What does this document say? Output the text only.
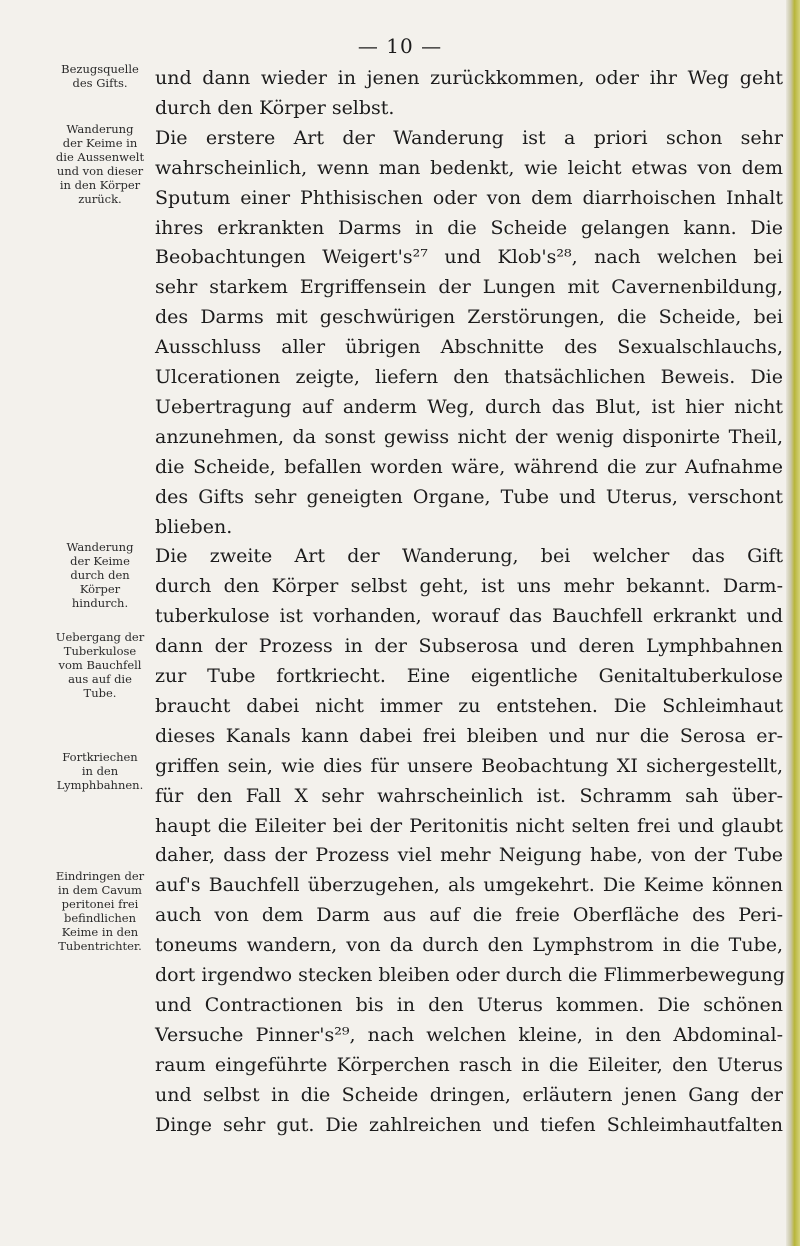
— 10 —
und dann wieder in jenen zurückkommen, oder ihr Weg geht
durch den Körper selbst.
Die erstere Art der Wanderung ist a priori schon sehr
wahrscheinlich, wenn man bedenkt, wie leicht etwas von dem
Sputum einer Phthisischen oder von dem diarrhoischen Inhalt
ihres erkrankten Darms in die Scheide gelangen kann. Die
Beobachtungen Weigert's²⁷ und Klob's²⁸, nach welchen bei
sehr starkem Ergriffensein der Lungen mit Cavernenbildung,
des Darms mit geschwürigen Zerstörungen, die Scheide, bei
Ausschluss aller übrigen Abschnitte des Sexualschlauchs,
Ulcerationen zeigte, liefern den thatsächlichen Beweis. Die
Uebertragung auf anderm Weg, durch das Blut, ist hier nicht
anzunehmen, da sonst gewiss nicht der wenig disponirte Theil,
die Scheide, befallen worden wäre, während die zur Aufnahme
des Gifts sehr geneigten Organe, Tube und Uterus, verschont
blieben.
Die zweite Art der Wanderung, bei welcher das Gift
durch den Körper selbst geht, ist uns mehr bekannt. Darm-
tuberkulose ist vorhanden, worauf das Bauchfell erkrankt und
dann der Prozess in der Subserosa und deren Lymphbahnen
zur Tube fortkriecht. Eine eigentliche Genitaltuberkulose
braucht dabei nicht immer zu entstehen. Die Schleimhaut
dieses Kanals kann dabei frei bleiben und nur die Serosa er-
griffen sein, wie dies für unsere Beobachtung XI sichergestellt,
für den Fall X sehr wahrscheinlich ist. Schramm sah über-
haupt die Eileiter bei der Peritonitis nicht selten frei und glaubt
daher, dass der Prozess viel mehr Neigung habe, von der Tube
auf's Bauchfell überzugehen, als umgekehrt. Die Keime können
auch von dem Darm aus auf die freie Oberfläche des Peri-
toneums wandern, von da durch den Lymphstrom in die Tube,
dort irgendwo stecken bleiben oder durch die Flimmerbewegung
und Contractionen bis in den Uterus kommen. Die schönen
Versuche Pinner's²⁹, nach welchen kleine, in den Abdominal-
raum eingeführte Körperchen rasch in die Eileiter, den Uterus
und selbst in die Scheide dringen, erläutern jenen Gang der
Dinge sehr gut. Die zahlreichen und tiefen Schleimhautfalten
Bezugsquelle
des Gifts.
Wanderung
der Keime in
die Aussenwelt
und von dieser
in den Körper
zurück.
Wanderung
der Keime
durch den
Körper
hindurch.
Uebergang der
Tuberkulose
vom Bauchfell
aus auf die
Tube.
Fortkriechen
in den
Lymphbahnen.
Eindringen der
in dem Cavum
peritonei frei
befindlichen
Keime in den
Tubentrichter.
